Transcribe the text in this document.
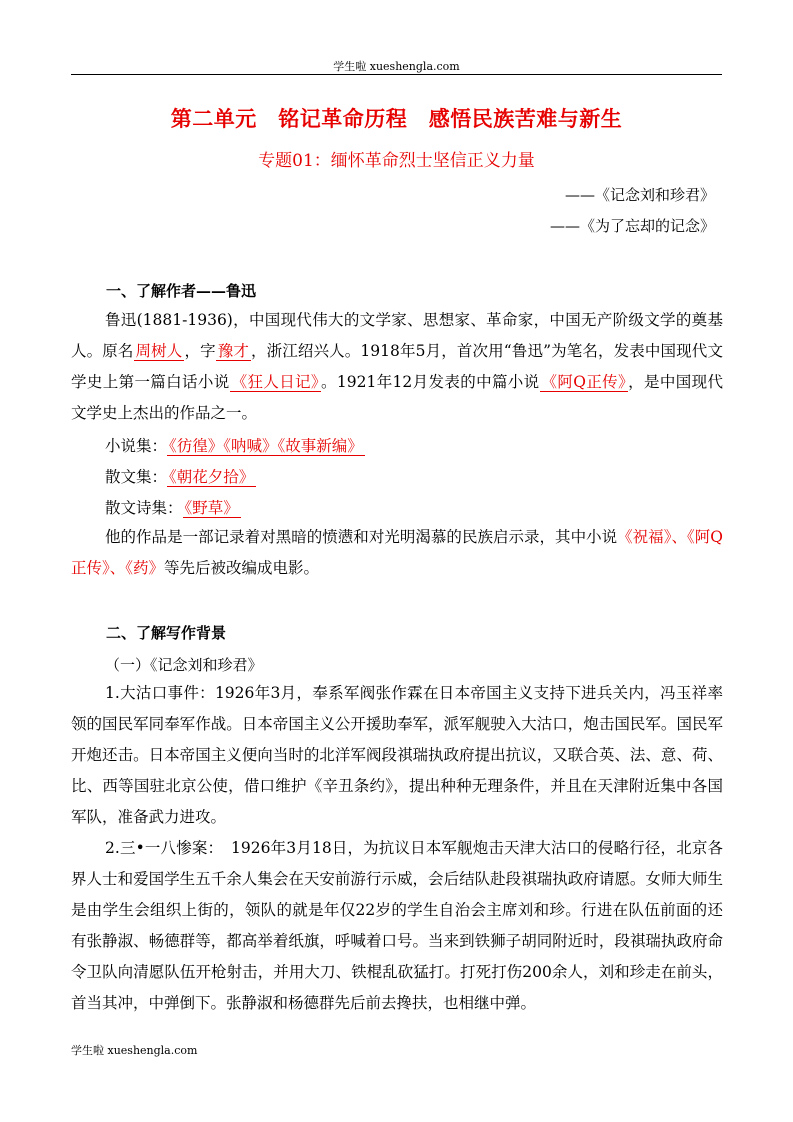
学生啦 xueshengla.com
第二单元　铭记革命历程　感悟民族苦难与新生
专题01：缅怀革命烈士坚信正义力量
——《记念刘和珍君》
——《为了忘却的记念》
一、了解作者——鲁迅
鲁迅(1881-1936)，中国现代伟大的文学家、思想家、革命家，中国无产阶级文学的奠基人。原名 周树人 ，字 豫才 ，浙江绍兴人。1918年5月，首次用“鲁迅”为笔名，发表中国现代文学史上第一篇白话小说 《狂人日记》 。1921年12月发表的中篇小说 《阿Q正传》 ，是中国现代文学史上杰出的作品之一。
小说集： 《彷徨》《呐喊》《故事新编》
散文集： 《朝花夕拾》
散文诗集： 《野草》
他的作品是一部记录着对黑暗的愤懑和对光明渴慕的民族启示录，其中小说《祝福》、《阿Q正传》、《药》等先后被改编成电影。
二、了解写作背景
（一）《记念刘和珍君》
1.大沽口事件：1926年3月，奉系军阀张作霖在日本帝国主义支持下进兵关内，冯玉祥率领的国民军同奉军作战。日本帝国主义公开援助奉军，派军舰驶入大沽口，炮击国民军。国民军开炮还击。日本帝国主义便向当时的北洋军阀段祺瑞执政府提出抗议，又联合英、法、意、荷、比、西等国驻北京公使，借口维护《辛丑条约》，提出种种无理条件，并且在天津附近集中各国军队，准备武力进攻。
2.三•一八惨案：　1926年3月18日，为抗议日本军舰炮击天津大沽口的侵略行径，北京各界人士和爱国学生五千余人集会在天安前游行示威，会后结队赴段祺瑞执政府请愿。女师大师生是由学生会组织上街的，领队的就是年仅22岁的学生自治会主席刘和珍。行进在队伍前面的还有张静淑、畅德群等，都高举着纸旗，呼喊着口号。当来到铁狮子胡同附近时，段祺瑞执政府命令卫队向清愿队伍开枪射击，并用大刀、铁棍乱砍猛打。打死打伤200余人，刘和珍走在前头，首当其冲，中弹倒下。张静淑和杨德群先后前去搀扶，也相继中弹。
学生啦 xueshengla.com
